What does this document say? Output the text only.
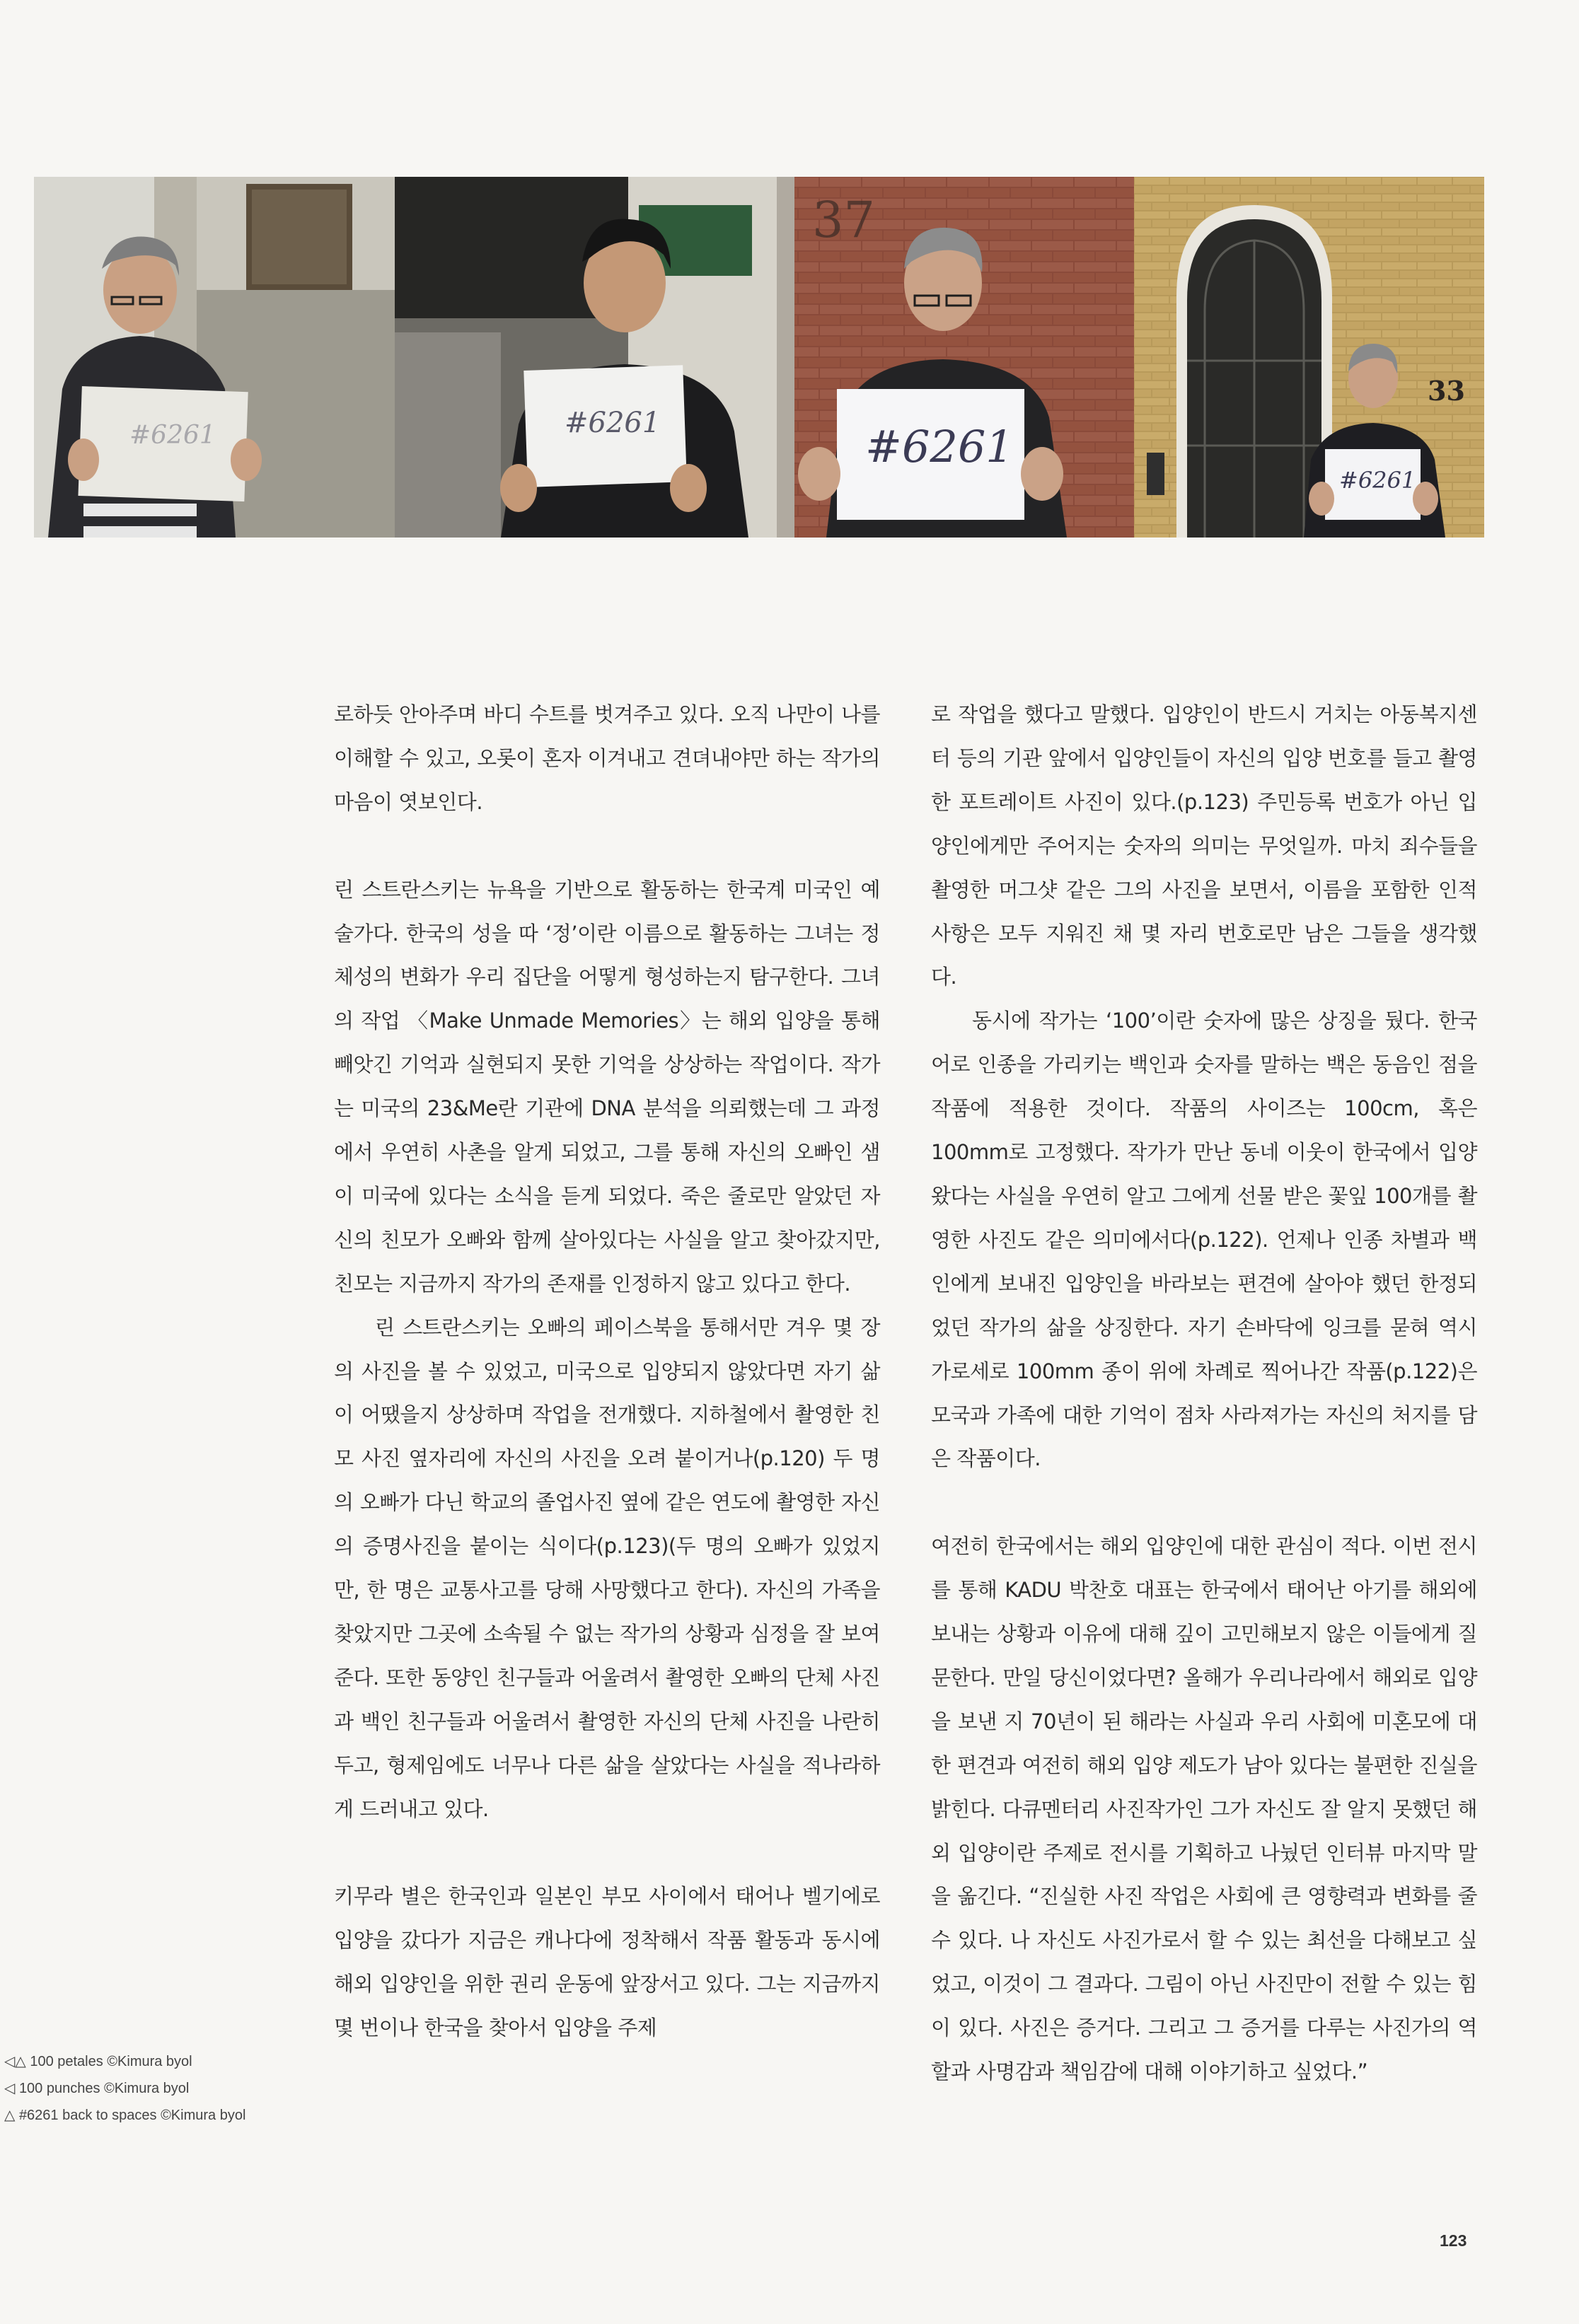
#6261	#6261
37
#6261
33
#6261

로하듯 안아주며 바디 수트를 벗겨주고 있다. 오직 나만이 나를 이해할 수 있고, 오롯이 혼자 이겨내고 견뎌내야만 하는 작가의 마음이 엿보인다.

린 스트란스키는 뉴욕을 기반으로 활동하는 한국계 미국인 예술가다. 한국의 성을 따 ‘정’이란 이름으로 활동하는 그녀는 정체성의 변화가 우리 집단을 어떻게 형성하는지 탐구한다. 그녀의 작업 〈Make Unmade Memories〉는 해외 입양을 통해 빼앗긴 기억과 실현되지 못한 기억을 상상하는 작업이다. 작가는 미국의 23&Me란 기관에 DNA 분석을 의뢰했는데 그 과정에서 우연히 사촌을 알게 되었고, 그를 통해 자신의 오빠인 샘이 미국에 있다는 소식을 듣게 되었다. 죽은 줄로만 알았던 자신의 친모가 오빠와 함께 살아있다는 사실을 알고 찾아갔지만, 친모는 지금까지 작가의 존재를 인정하지 않고 있다고 한다.

린 스트란스키는 오빠의 페이스북을 통해서만 겨우 몇 장의 사진을 볼 수 있었고, 미국으로 입양되지 않았다면 자기 삶이 어땠을지 상상하며 작업을 전개했다. 지하철에서 촬영한 친모 사진 옆자리에 자신의 사진을 오려 붙이거나(p.120) 두 명의 오빠가 다닌 학교의 졸업사진 옆에 같은 연도에 촬영한 자신의 증명사진을 붙이는 식이다(p.123)(두 명의 오빠가 있었지만, 한 명은 교통사고를 당해 사망했다고 한다). 자신의 가족을 찾았지만 그곳에 소속될 수 없는 작가의 상황과 심정을 잘 보여준다. 또한 동양인 친구들과 어울려서 촬영한 오빠의 단체 사진과 백인 친구들과 어울려서 촬영한 자신의 단체 사진을 나란히 두고, 형제임에도 너무나 다른 삶을 살았다는 사실을 적나라하게 드러내고 있다.

키무라 별은 한국인과 일본인 부모 사이에서 태어나 벨기에로 입양을 갔다가 지금은 캐나다에 정착해서 작품 활동과 동시에 해외 입양인을 위한 권리 운동에 앞장서고 있다. 그는 지금까지 몇 번이나 한국을 찾아서 입양을 주제

로 작업을 했다고 말했다. 입양인이 반드시 거치는 아동복지센터 등의 기관 앞에서 입양인들이 자신의 입양 번호를 들고 촬영한 포트레이트 사진이 있다.(p.123) 주민등록 번호가 아닌 입양인에게만 주어지는 숫자의 의미는 무엇일까. 마치 죄수들을 촬영한 머그샷 같은 그의 사진을 보면서, 이름을 포함한 인적 사항은 모두 지워진 채 몇 자리 번호로만 남은 그들을 생각했다.

동시에 작가는 ‘100’이란 숫자에 많은 상징을 뒀다. 한국어로 인종을 가리키는 백인과 숫자를 말하는 백은 동음인 점을 작품에 적용한 것이다. 작품의 사이즈는 100cm, 혹은 100mm로 고정했다. 작가가 만난 동네 이웃이 한국에서 입양 왔다는 사실을 우연히 알고 그에게 선물 받은 꽃잎 100개를 촬영한 사진도 같은 의미에서다(p.122). 언제나 인종 차별과 백인에게 보내진 입양인을 바라보는 편견에 살아야 했던 한정되었던 작가의 삶을 상징한다. 자기 손바닥에 잉크를 묻혀 역시 가로세로 100mm 종이 위에 차례로 찍어나간 작품(p.122)은 모국과 가족에 대한 기억이 점차 사라져가는 자신의 처지를 담은 작품이다.

여전히 한국에서는 해외 입양인에 대한 관심이 적다. 이번 전시를 통해 KADU 박찬호 대표는 한국에서 태어난 아기를 해외에 보내는 상황과 이유에 대해 깊이 고민해보지 않은 이들에게 질문한다. 만일 당신이었다면? 올해가 우리나라에서 해외로 입양을 보낸 지 70년이 된 해라는 사실과 우리 사회에 미혼모에 대한 편견과 여전히 해외 입양 제도가 남아 있다는 불편한 진실을 밝힌다. 다큐멘터리 사진작가인 그가 자신도 잘 알지 못했던 해외 입양이란 주제로 전시를 기획하고 나눴던 인터뷰 마지막 말을 옮긴다. “진실한 사진 작업은 사회에 큰 영향력과 변화를 줄 수 있다. 나 자신도 사진가로서 할 수 있는 최선을 다해보고 싶었고, 이것이 그 결과다. 그림이 아닌 사진만이 전할 수 있는 힘이 있다. 사진은 증거다. 그리고 그 증거를 다루는 사진가의 역할과 사명감과 책임감에 대해 이야기하고 싶었다.”

◁△ 100 petales ©Kimura byol
◁ 100 punches ©Kimura byol
△ #6261 back to spaces ©Kimura byol
123
